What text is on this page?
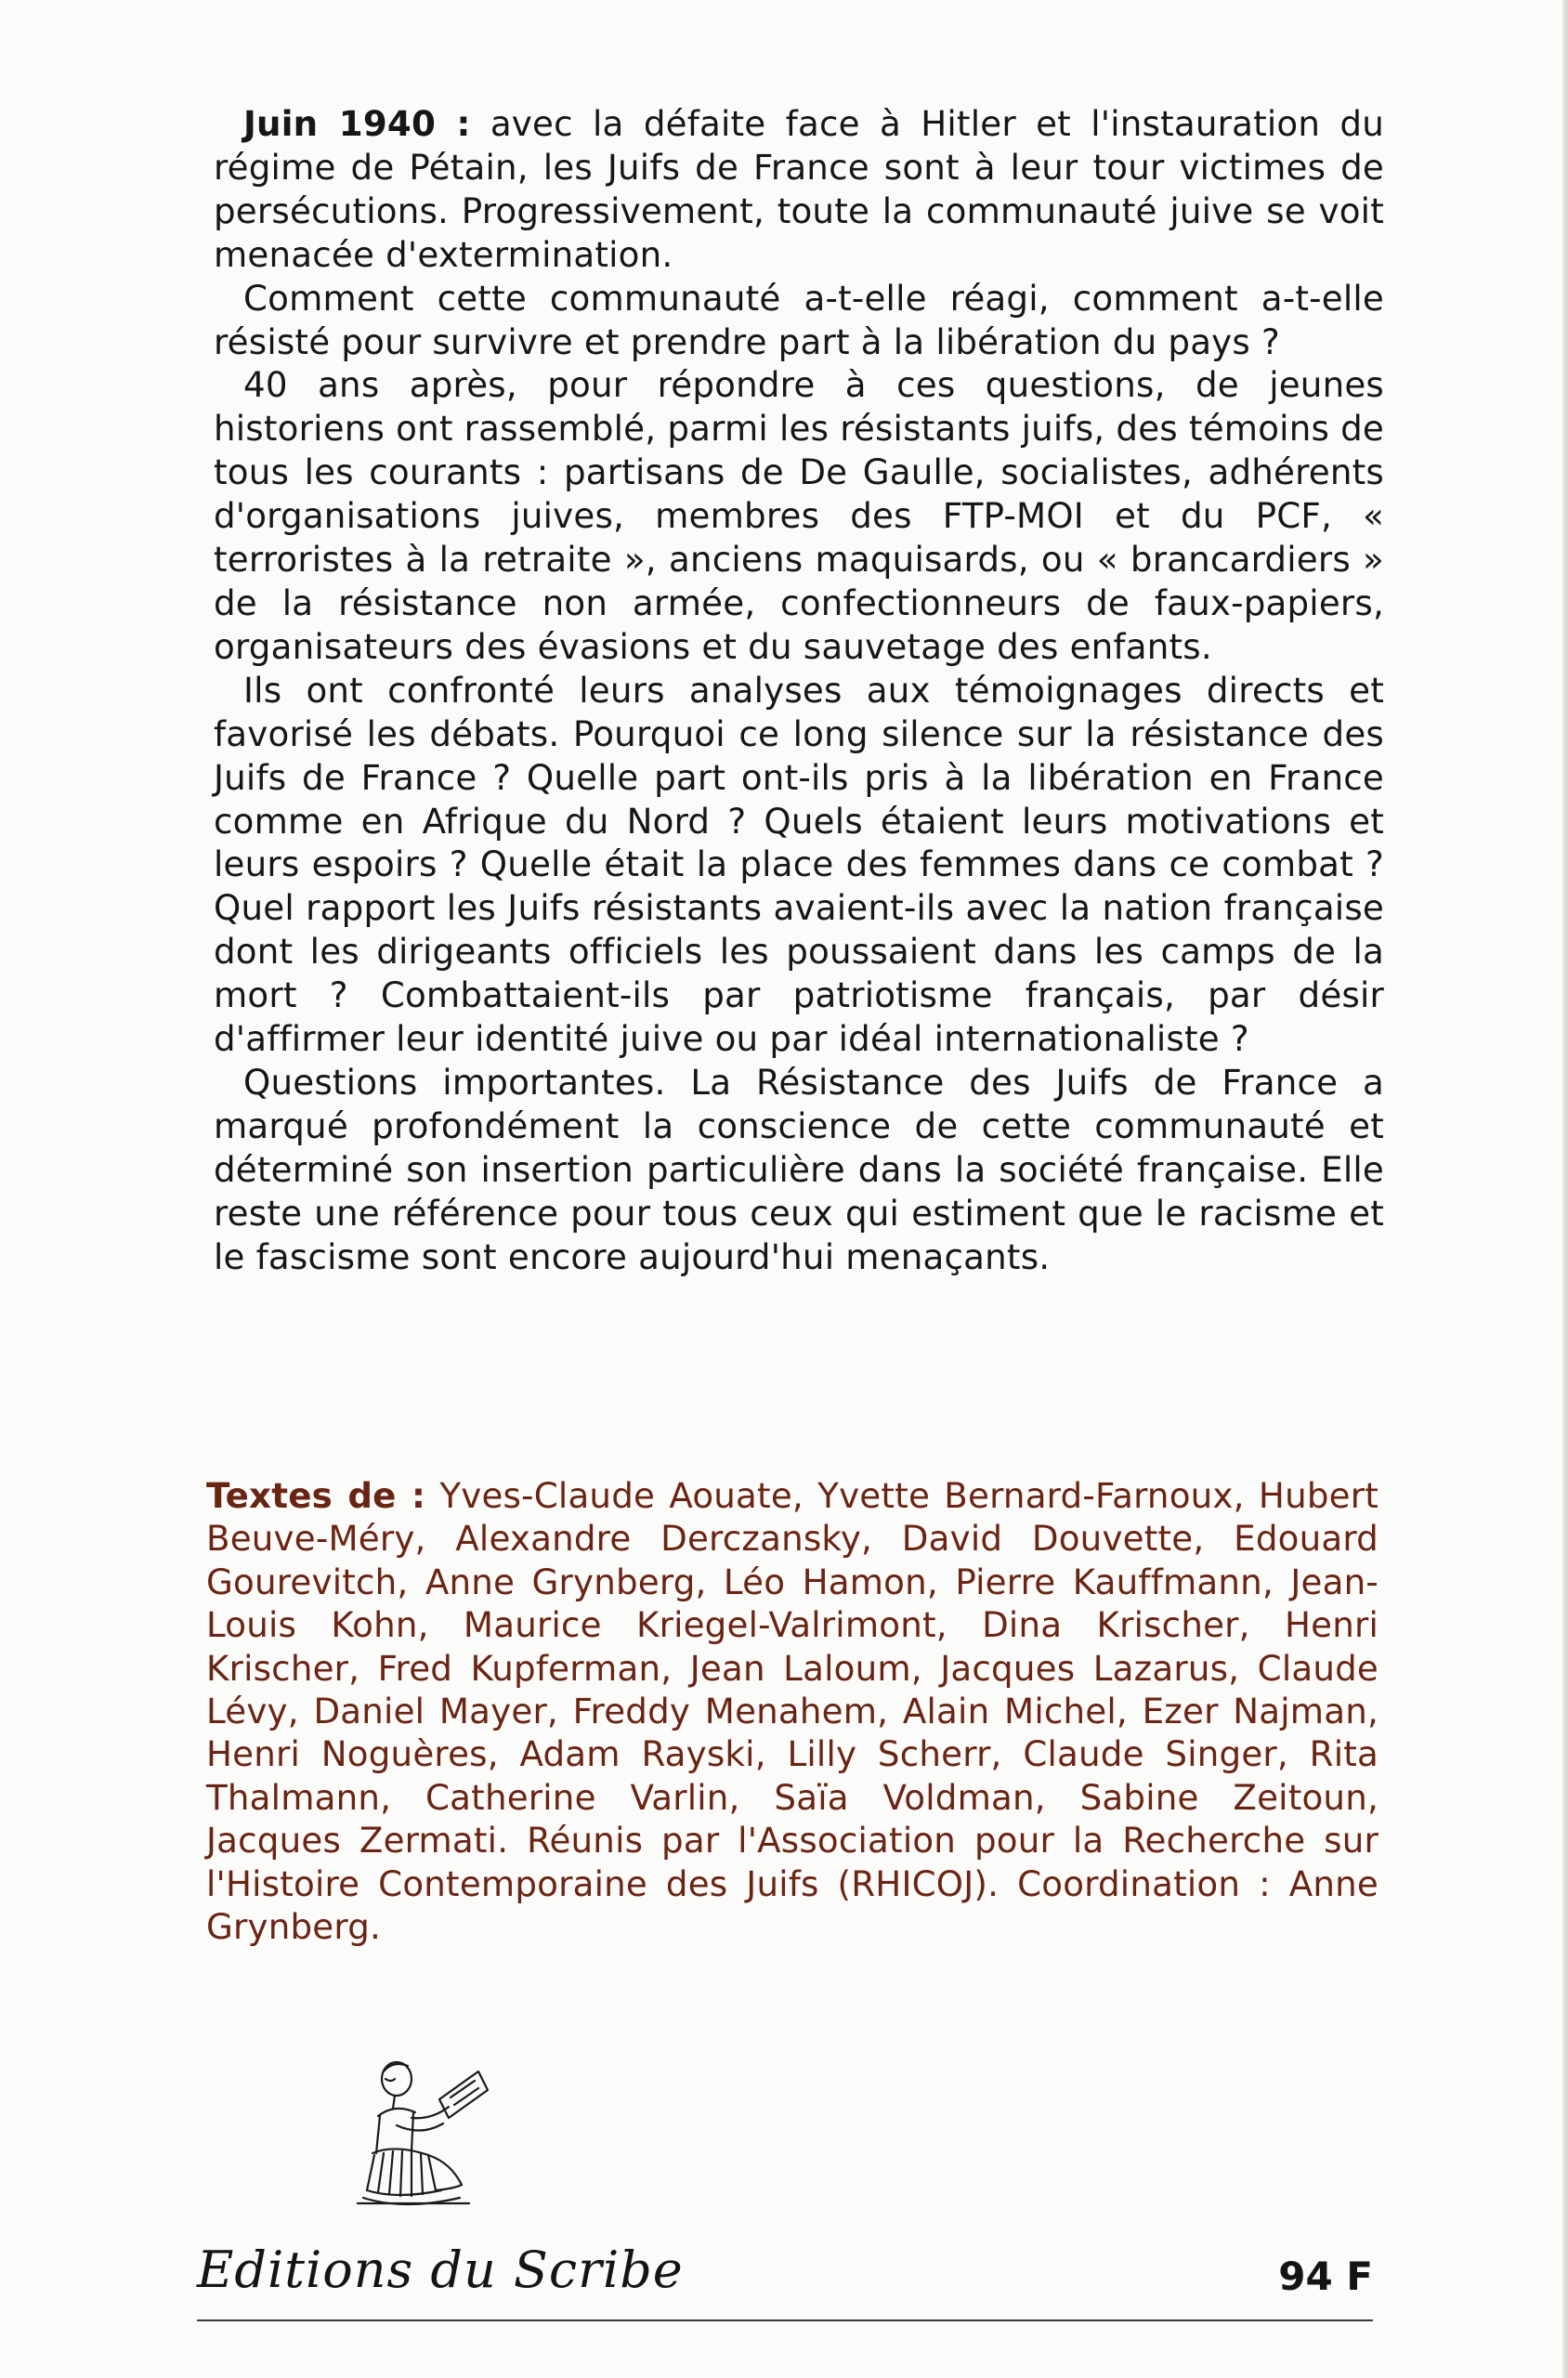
Juin 1940 : avec la défaite face à Hitler et l'instauration du régime de Pétain, les Juifs de France sont à leur tour victimes de persécutions. Progressivement, toute la communauté juive se voit menacée d'extermination.

Comment cette communauté a-t-elle réagi, comment a-t-elle résisté pour survivre et prendre part à la libération du pays ?

40 ans après, pour répondre à ces questions, de jeunes historiens ont rassemblé, parmi les résistants juifs, des témoins de tous les courants : partisans de De Gaulle, socialistes, adhérents d'organisations juives, membres des FTP-MOI et du PCF, « terroristes à la retraite », anciens maquisards, ou « brancardiers » de la résistance non armée, confectionneurs de faux-papiers, organisateurs des évasions et du sauvetage des enfants.

Ils ont confronté leurs analyses aux témoignages directs et favorisé les débats. Pourquoi ce long silence sur la résistance des Juifs de France ? Quelle part ont-ils pris à la libération en France comme en Afrique du Nord ? Quels étaient leurs motivations et leurs espoirs ? Quelle était la place des femmes dans ce combat ? Quel rapport les Juifs résistants avaient-ils avec la nation française dont les dirigeants officiels les poussaient dans les camps de la mort ? Combattaient-ils par patriotisme français, par désir d'affirmer leur identité juive ou par idéal internationaliste ?

Questions importantes. La Résistance des Juifs de France a marqué profondément la conscience de cette communauté et déterminé son insertion particulière dans la société française. Elle reste une référence pour tous ceux qui estiment que le racisme et le fascisme sont encore aujourd'hui menaçants.

Textes de : Yves-Claude Aouate, Yvette Bernard-Farnoux, Hubert Beuve-Méry, Alexandre Derczansky, David Douvette, Edouard Gourevitch, Anne Grynberg, Léo Hamon, Pierre Kauffmann, Jean-Louis Kohn, Maurice Kriegel-Valrimont, Dina Krischer, Henri Krischer, Fred Kupferman, Jean Laloum, Jacques Lazarus, Claude Lévy, Daniel Mayer, Freddy Menahem, Alain Michel, Ezer Najman, Henri Noguères, Adam Rayski, Lilly Scherr, Claude Singer, Rita Thalmann, Catherine Varlin, Saïa Voldman, Sabine Zeitoun, Jacques Zermati. Réunis par l'Association pour la Recherche sur l'Histoire Contemporaine des Juifs (RHICOJ). Coordination : Anne Grynberg.

Editions du Scribe	94 F
